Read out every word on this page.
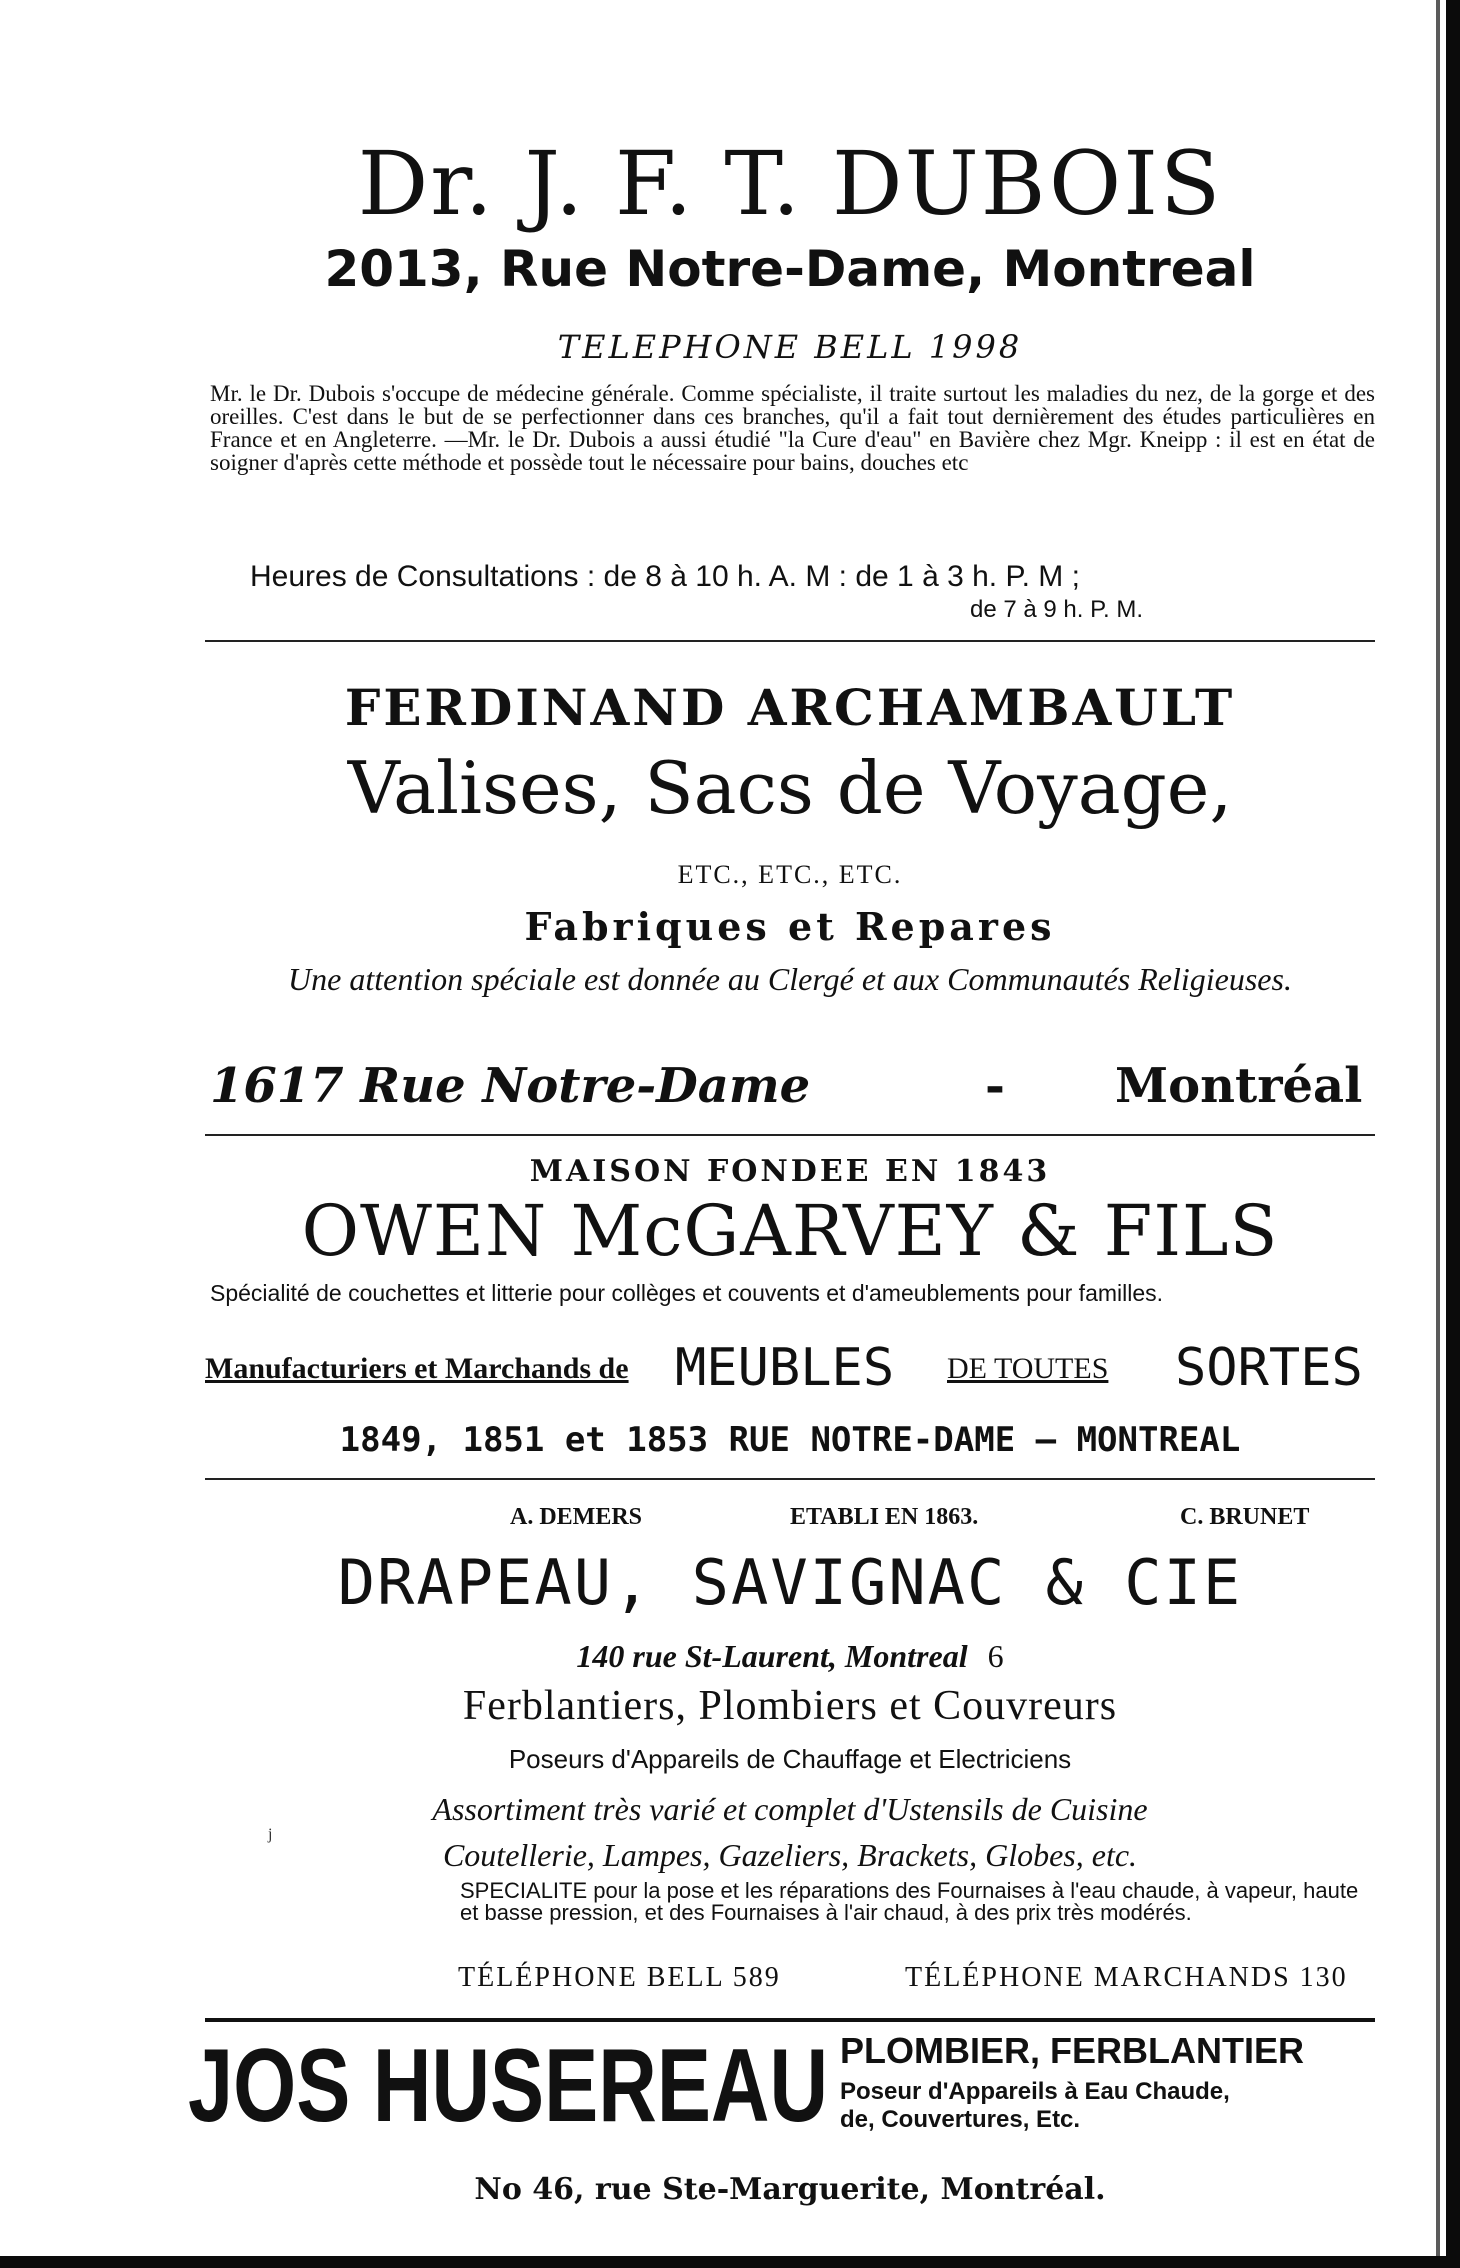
Dr. J. F. T. DUBOIS
2013, Rue Notre-Dame, Montreal
TELEPHONE BELL 1998
Mr. le Dr. Dubois s'occupe de médecine générale. Comme spécialiste, il traite surtout les maladies du nez, de la gorge et des oreilles. C'est dans le but de se perfectionner dans ces branches, qu'il a fait tout dernièrement des études particulières en France et en Angleterre. —Mr. le Dr. Dubois a aussi étudié "la Cure d'eau" en Bavière chez Mgr. Kneipp : il est en état de soigner d'après cette méthode et possède tout le nécessaire pour bains, douches etc
Heures de Consultations : de 8 à 10 h. A. M : de 1 à 3 h. P. M ;
de 7 à 9 h. P. M.
FERDINAND ARCHAMBAULT
Valises, Sacs de Voyage,
ETC., ETC., ETC.
Fabriques et Repares
Une attention spéciale est donnée au Clergé et aux Communautés Religieuses.
1617 Rue Notre-Dame	- Montréal
MAISON FONDEE EN 1843
OWEN McGARVEY & FILS
Spécialité de couchettes et litterie pour collèges et couvents et d'ameublements pour familles.
Manufacturiers et Marchands de MEUBLES DE TOUTES SORTES
1849, 1851 et 1853 RUE NOTRE-DAME — MONTREAL
A. DEMERS	ETABLI EN 1863.	C. BRUNET
DRAPEAU, SAVIGNAC & CIE
140 rue St-Laurent, Montreal 6
Ferblantiers, Plombiers et Couvreurs
Poseurs d'Appareils de Chauffage et Electriciens
Assortiment très varié et complet d'Ustensils de Cuisine
Coutellerie, Lampes, Gazeliers, Brackets, Globes, etc.
j
SPECIALITE pour la pose et les réparations des Fournaises à l'eau chaude, à vapeur, haute et basse pression, et des Fournaises à l'air chaud, à des prix très modérés.
TÉLÉPHONE BELL 589	TÉLÉPHONE MARCHANDS 130
JOS HUSEREAU PLOMBIER, FERBLANTIER
Poseur d'Appareils à Eau Chaude,
de, Couvertures, Etc.
No 46, rue Ste-Marguerite, Montréal.
